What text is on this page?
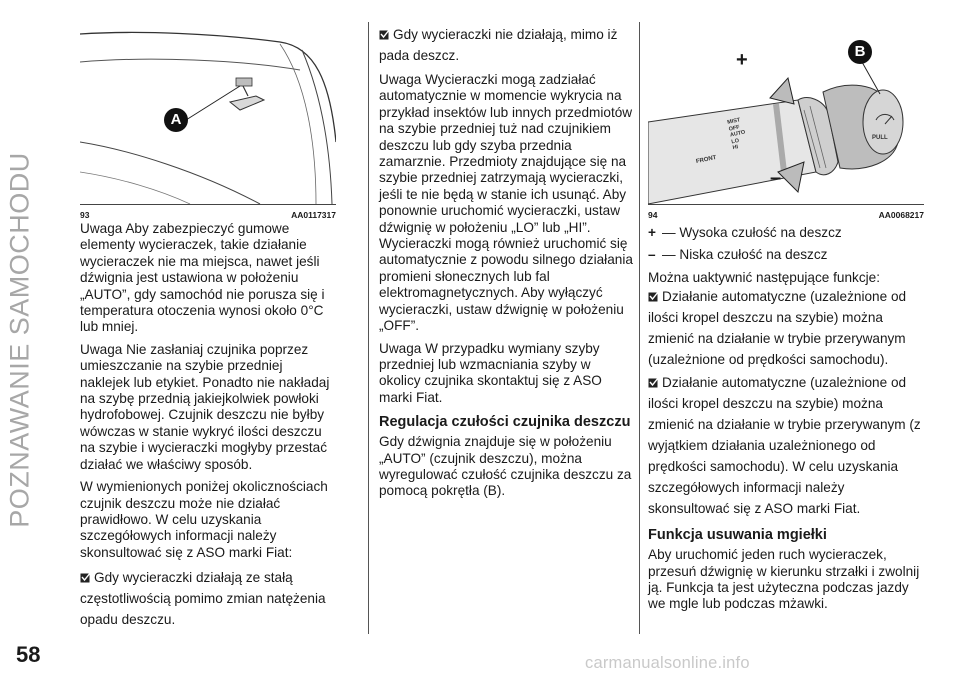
POZNAWANIE SAMOCHODU
A
93	AA0117317

Uwaga Aby zabezpieczyć gumowe elementy wycieraczek, takie działanie wycieraczek nie ma miejsca, nawet jeśli dźwignia jest ustawiona w położeniu „AUTO”, gdy samochód nie porusza się i temperatura otoczenia wynosi około 0°C lub mniej.

Uwaga Nie zasłaniaj czujnika poprzez umieszczanie na szybie przedniej naklejek lub etykiet. Ponadto nie nakładaj na szybę przednią jakiejkolwiek powłoki hydrofobowej. Czujnik deszczu nie byłby wówczas w stanie wykryć ilości deszczu na szybie i wycieraczki mogłyby przestać działać we właściwy sposób.

W wymienionych poniżej okolicznościach czujnik deszczu może nie działać prawidłowo. W celu uzyskania szczegółowych informacji należy skonsultować się z ASO marki Fiat:

Gdy wycieraczki działają ze stałą częstotliwością pomimo zmian natężenia opadu deszczu.

Gdy wycieraczki nie działają, mimo iż pada deszcz.

Uwaga Wycieraczki mogą zadziałać automatycznie w momencie wykrycia na przykład insektów lub innych przedmiotów na szybie przedniej tuż nad czujnikiem deszczu lub gdy szyba przednia zamarznie. Przedmioty znajdujące się na szybie przedniej zatrzymają wycieraczki, jeśli te nie będą w stanie ich usunąć. Aby ponownie uruchomić wycieraczki, ustaw dźwignię w położeniu „LO” lub „HI”. Wycieraczki mogą również uruchomić się automatycznie z powodu silnego działania promieni słonecznych lub fal elektromagnetycznych. Aby wyłączyć wycieraczki, ustaw dźwignię w położeniu „OFF”.

Uwaga W przypadku wymiany szyby przedniej lub wzmacniania szyby w okolicy czujnika skontaktuj się z ASO marki Fiat.

Regulacja czułości czujnika deszczu

Gdy dźwignia znajduje się w położeniu „AUTO” (czujnik deszczu), można wyregulować czułość czujnika deszczu za pomocą pokrętła (B).

B
+
–
FRONT
MIST
OFF
AUTO
LO
HI
PULL
94	AA0068217

+ — Wysoka czułość na deszcz

– — Niska czułość na deszcz

Można uaktywnić następujące funkcje:

Działanie automatyczne (uzależnione od ilości kropel deszczu na szybie) można zmienić na działanie w trybie przerywanym (uzależnione od prędkości samochodu).

Działanie automatyczne (uzależnione od ilości kropel deszczu na szybie) można zmienić na działanie w trybie przerywanym (z wyjątkiem działania uzależnionego od prędkości samochodu). W celu uzyskania szczegółowych informacji należy skonsultować się z ASO marki Fiat.

Funkcja usuwania mgiełki

Aby uruchomić jeden ruch wycieraczek, przesuń dźwignię w kierunku strzałki i zwolnij ją. Funkcja ta jest użyteczna podczas jazdy we mgle lub podczas mżawki.

58	carmanualsonline.info
